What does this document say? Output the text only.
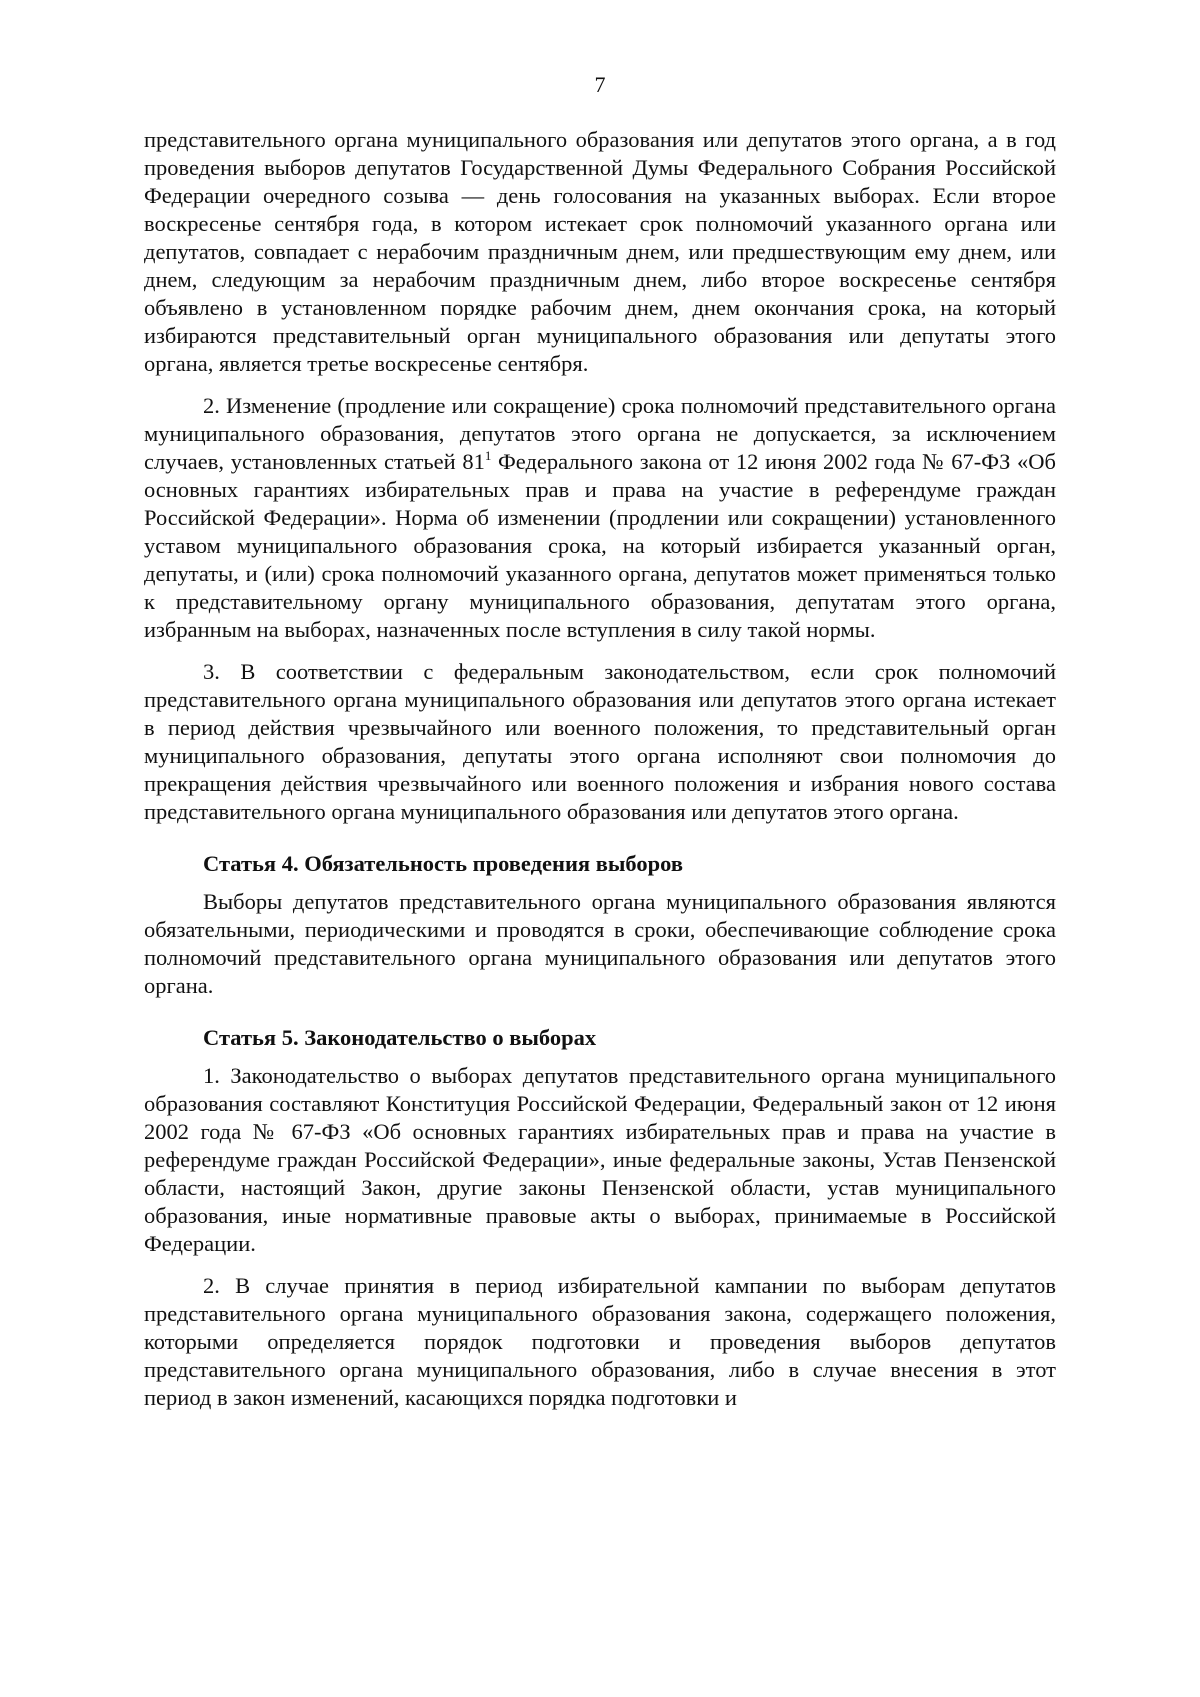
7

представительного органа муниципального образования или депутатов этого органа, а в год проведения выборов депутатов Государственной Думы Федерального Собрания Российской Федерации очередного созыва — день голосования на указанных выборах. Если второе воскресенье сентября года, в котором истекает срок полномочий указанного органа или депутатов, совпадает с нерабочим праздничным днем, или предшествующим ему днем, или днем, следующим за нерабочим праздничным днем, либо второе воскресенье сентября объявлено в установленном порядке рабочим днем, днем окончания срока, на который избираются представительный орган муниципального образования или депутаты этого органа, является третье воскресенье сентября.

2. Изменение (продление или сокращение) срока полномочий представительного органа муниципального образования, депутатов этого органа не допускается, за исключением случаев, установленных статьей $81^1$ Федерального закона от 12 июня 2002 года № 67-ФЗ «Об основных гарантиях избирательных прав и права на участие в референдуме граждан Российской Федерации». Норма об изменении (продлении или сокращении) установленного уставом муниципального образования срока, на который избирается указанный орган, депутаты, и (или) срока полномочий указанного органа, депутатов может применяться только к представительному органу муниципального образования, депутатам этого органа, избранным на выборах, назначенных после вступления в силу такой нормы.

3. В соответствии с федеральным законодательством, если срок полномочий представительного органа муниципального образования или депутатов этого органа истекает в период действия чрезвычайного или военного положения, то представительный орган муниципального образования, депутаты этого органа исполняют свои полномочия до прекращения действия чрезвычайного или военного положения и избрания нового состава представительного органа муниципального образования или депутатов этого органа.

Статья 4. Обязательность проведения выборов

Выборы депутатов представительного органа муниципального образования являются обязательными, периодическими и проводятся в сроки, обеспечивающие соблюдение срока полномочий представительного органа муниципального образования или депутатов этого органа.

Статья 5. Законодательство о выборах

1. Законодательство о выборах депутатов представительного органа муниципального образования составляют Конституция Российской Федерации, Федеральный закон от 12 июня 2002 года № 67-ФЗ «Об основных гарантиях избирательных прав и права на участие в референдуме граждан Российской Федерации», иные федеральные законы, Устав Пензенской области, настоящий Закон, другие законы Пензенской области, устав муниципального образования, иные нормативные правовые акты о выборах, принимаемые в Российской Федерации.

2. В случае принятия в период избирательной кампании по выборам депутатов представительного органа муниципального образования закона, содержащего положения, которыми определяется порядок подготовки и проведения выборов депутатов представительного органа муниципального образования, либо в случае внесения в этот период в закон изменений, касающихся порядка подготовки и
